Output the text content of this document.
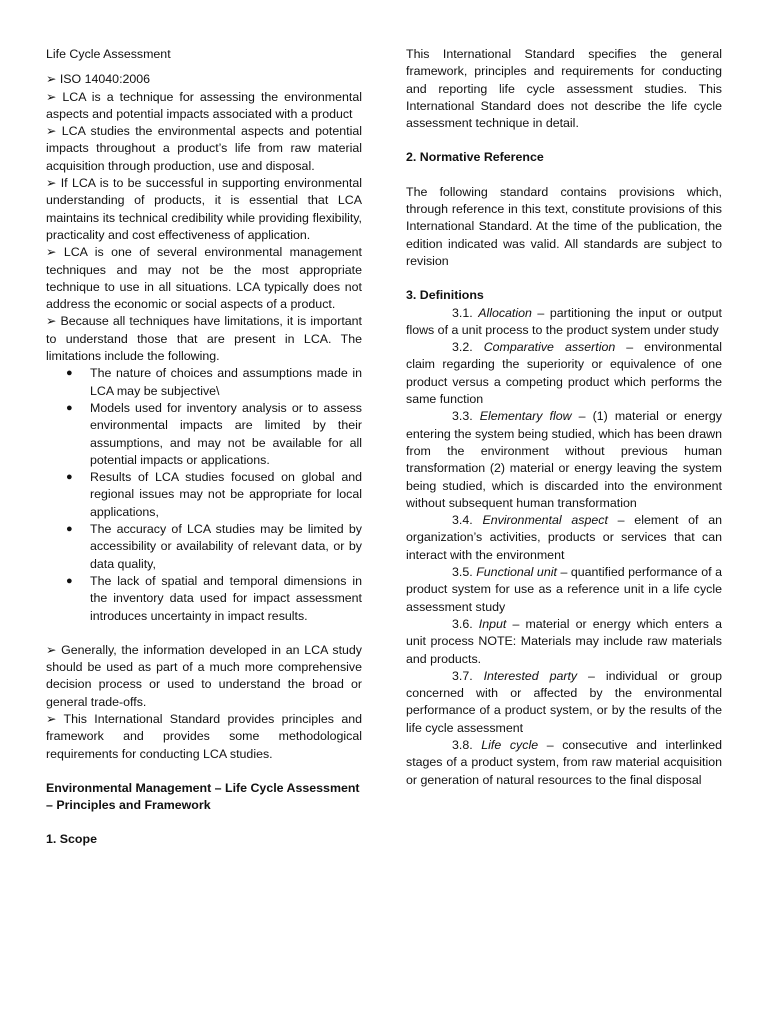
Life Cycle Assessment

➢ ISO 14040:2006

➢ LCA is a technique for assessing the environmental aspects and potential impacts associated with a product

➢ LCA studies the environmental aspects and potential impacts throughout a product’s life from raw material acquisition through production, use and disposal.

➢ If LCA is to be successful in supporting environmental understanding of products, it is essential that LCA maintains its technical credibility while providing flexibility, practicality and cost effectiveness of application.

➢ LCA is one of several environmental management techniques and may not be the most appropriate technique to use in all situations. LCA typically does not address the economic or social aspects of a product.

➢ Because all techniques have limitations, it is important to understand those that are present in LCA. The limitations include the following.

● The nature of choices and assumptions made in LCA may be subjective\
● Models used for inventory analysis or to assess environmental impacts are limited by their assumptions, and may not be available for all potential impacts or applications.
● Results of LCA studies focused on global and regional issues may not be appropriate for local applications,
● The accuracy of LCA studies may be limited by accessibility or availability of relevant data, or by data quality,
● The lack of spatial and temporal dimensions in the inventory data used for impact assessment introduces uncertainty in impact results.

➢ Generally, the information developed in an LCA study should be used as part of a much more comprehensive decision process or used to understand the broad or general trade-offs.

➢ This International Standard provides principles and framework and provides some methodological requirements for conducting LCA studies.

Environmental Management – Life Cycle Assessment – Principles and Framework

1. Scope

This International Standard specifies the general framework, principles and requirements for conducting and reporting life cycle assessment studies. This International Standard does not describe the life cycle assessment technique in detail.

2. Normative Reference

The following standard contains provisions which, through reference in this text, constitute provisions of this International Standard. At the time of the publication, the edition indicated was valid. All standards are subject to revision

3. Definitions

3.1. Allocation – partitioning the input or output flows of a unit process to the product system under study

3.2. Comparative assertion – environmental claim regarding the superiority or equivalence of one product versus a competing product which performs the same function

3.3. Elementary flow – (1) material or energy entering the system being studied, which has been drawn from the environment without previous human transformation (2) material or energy leaving the system being studied, which is discarded into the environment without subsequent human transformation

3.4. Environmental aspect – element of an organization’s activities, products or services that can interact with the environment

3.5. Functional unit – quantified performance of a product system for use as a reference unit in a life cycle assessment study

3.6. Input – material or energy which enters a unit process NOTE: Materials may include raw materials and products.

3.7. Interested party – individual or group concerned with or affected by the environmental performance of a product system, or by the results of the life cycle assessment

3.8. Life cycle – consecutive and interlinked stages of a product system, from raw material acquisition or generation of natural resources to the final disposal
